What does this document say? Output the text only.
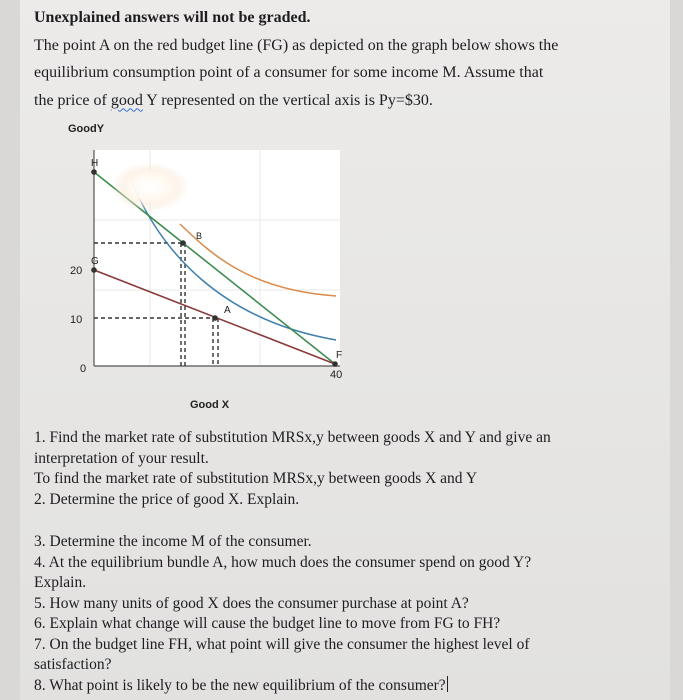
Unexplained answers will not be graded.
The point A on the red budget line (FG) as depicted on the graph below shows the
equilibrium consumption point of a consumer for some income M. Assume that
the price of good Y represented on the vertical axis is Py=$30.
GoodY
Good X
20
10
0	40
H
G
B
A
F
1. Find the market rate of substitution MRSx,y between goods X and Y and give an
interpretation of your result.
To find the market rate of substitution MRSx,y between goods X and Y
2. Determine the price of good X. Explain.
3. Determine the income M of the consumer.
4. At the equilibrium bundle A, how much does the consumer spend on good Y?
Explain.
5. How many units of good X does the consumer purchase at point A?
6. Explain what change will cause the budget line to move from FG to FH?
7. On the budget line FH, what point will give the consumer the highest level of
satisfaction?
8. What point is likely to be the new equilibrium of the consumer?
